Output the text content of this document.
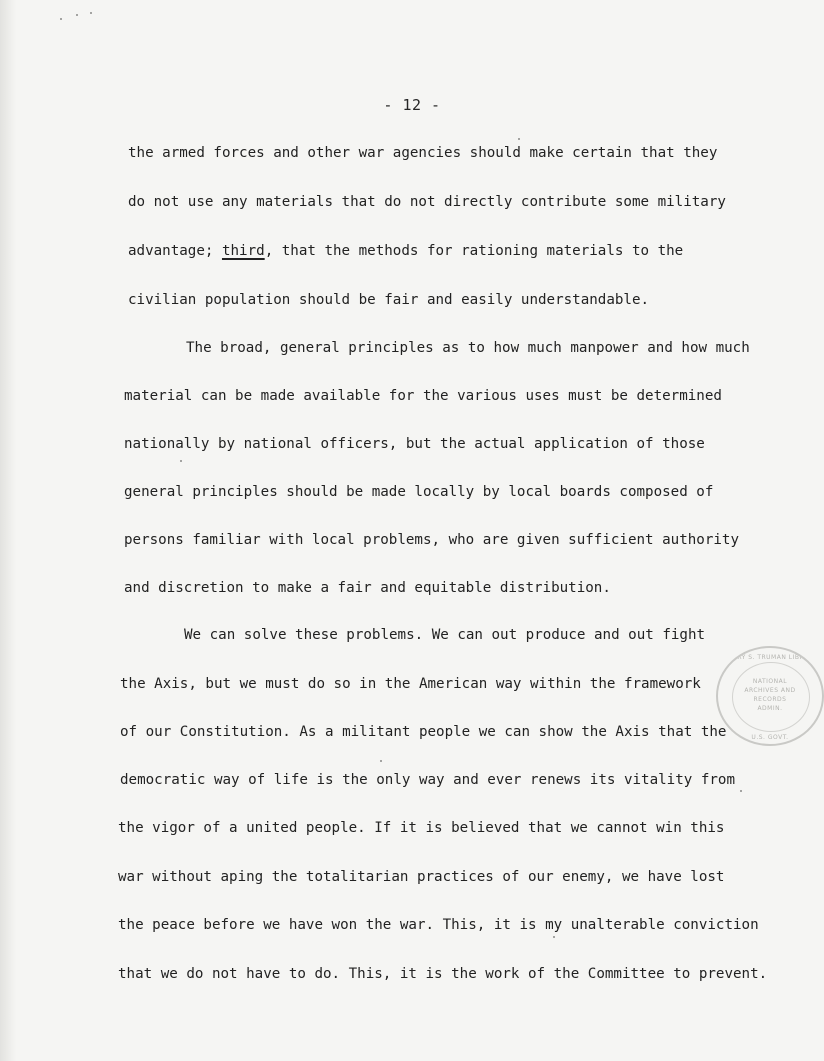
- 12 -
the armed forces and other war agencies should make certain that they
do not use any materials that do not directly contribute some military
advantage; third, that the methods for rationing materials to the
civilian population should be fair and easily understandable.
The broad, general principles as to how much manpower and how much
material can be made available for the various uses must be determined
nationally by national officers, but the actual application of those
general principles should be made locally by local boards composed of
persons familiar with local problems, who are given sufficient authority
and discretion to make a fair and equitable distribution.
We can solve these problems. We can out produce and out fight
the Axis, but we must do so in the American way within the framework
of our Constitution. As a militant people we can show the Axis that the
democratic way of life is the only way and ever renews its vitality from
the vigor of a united people. If it is believed that we cannot win this
war without aping the totalitarian practices of our enemy, we have lost
the peace before we have won the war. This, it is my unalterable conviction
that we do not have to do. This, it is the work of the Committee to prevent.
HARRY S. TRUMAN LIBRARY
NATIONAL
ARCHIVES AND
RECORDS
ADMIN.
U.S. GOVT.
